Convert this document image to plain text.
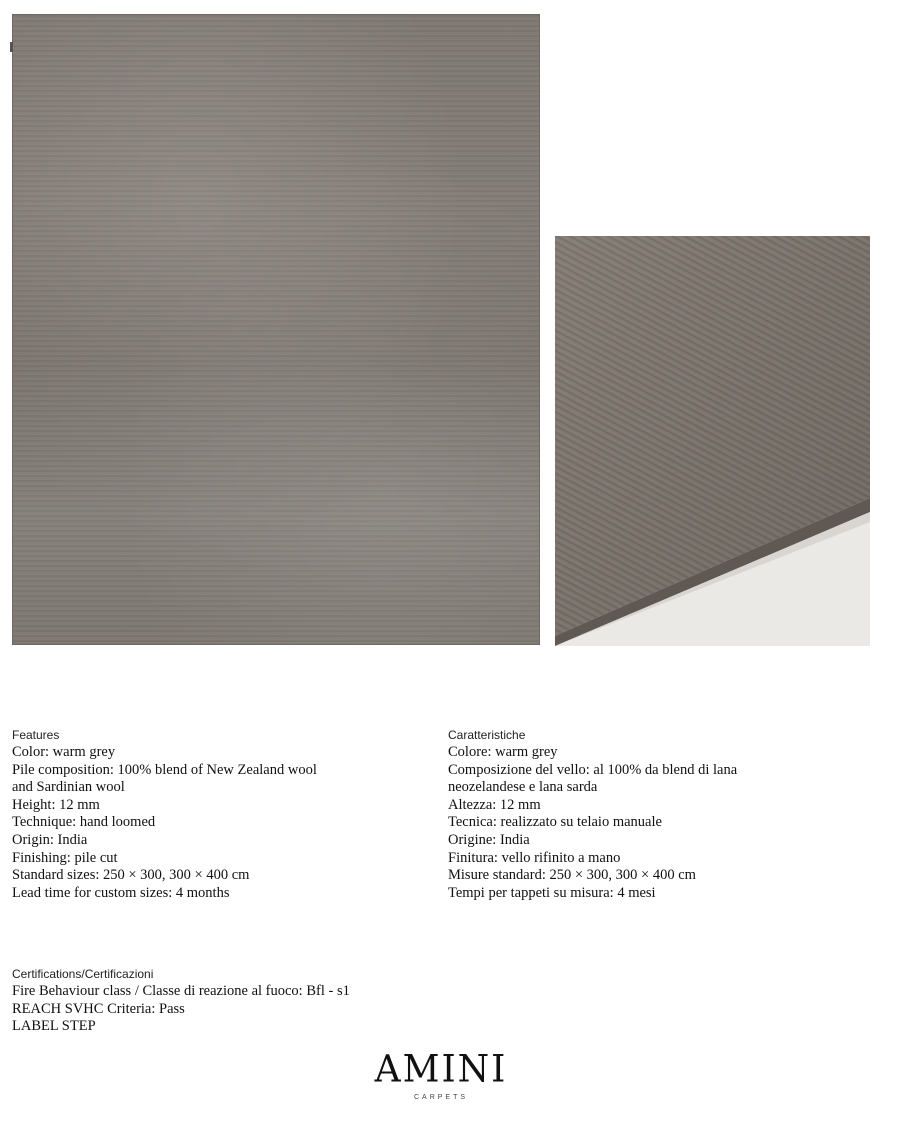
Features

Color: warm grey

Pile composition: 100% blend of New Zealand wool

and Sardinian wool

Height: 12 mm

Technique: hand loomed

Origin: India

Finishing: pile cut

Standard sizes: 250 × 300, 300 × 400 cm

Lead time for custom sizes: 4 months

Caratteristiche

Colore: warm grey

Composizione del vello: al 100% da blend di lana

neozelandese e lana sarda

Altezza: 12 mm

Tecnica: realizzato su telaio manuale

Origine: India

Finitura: vello rifinito a mano

Misure standard: 250 × 300, 300 × 400 cm

Tempi per tappeti su misura: 4 mesi

Certifications/Certificazioni

Fire Behaviour class / Classe di reazione al fuoco: Bfl - s1

REACH SVHC Criteria: Pass

LABEL STEP

AMINI
CARPETS
